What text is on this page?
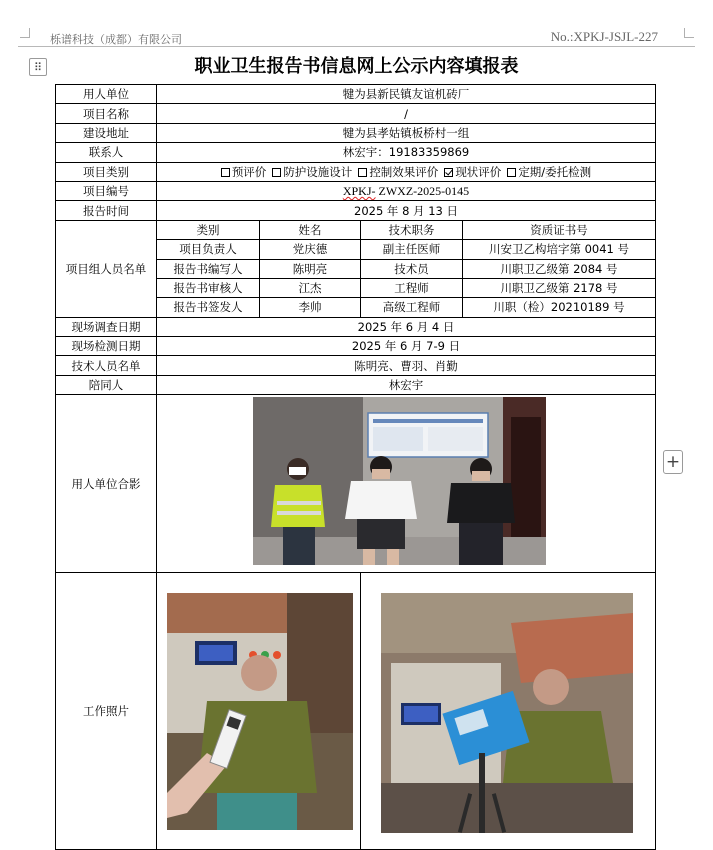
栎谱科技（成都）有限公司	No.:XPKJ-JSJL-227
⠿
+
职业卫生报告书信息网上公示内容填报表
用人单位	犍为县新民镇友谊机砖厂			
项目名称	/			
建设地址	犍为县孝姑镇板桥村一组			
联系人	林宏宇：19183359869			
项目类别	预评价 防护设施设计 控制效果评价 现状评价 定期/委托检测			
项目编号	XPKJ- ZWXZ-2025-0145			
报告时间	2025 年 8 月 13 日			
项目组人员名单	类别	姓名	技术职务	资质证书号
	项目负责人	党庆德	副主任医师	川安卫乙构培字第 0041 号
	报告书编写人	陈明亮	技术员	川职卫乙级第 2084 号
	报告书审核人	江杰	工程师	川职卫乙级第 2178 号
	报告书签发人	李帅	高级工程师	川职（检）20210189 号
现场调查日期	2025 年 6 月 4 日			
现场检测日期	2025 年 6 月 7-9 日			
技术人员名单	陈明亮、曹羽、肖勤			
陪同人	林宏宇			
用人单位合影				
工作照片				
